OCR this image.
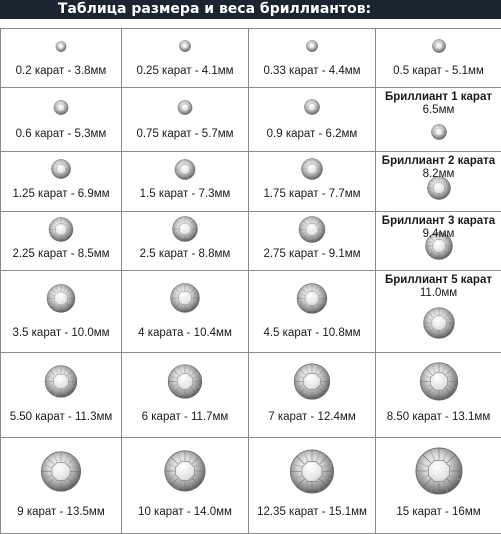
Таблица размера и веса бриллиантов:
0.2 карат - 3.8мм	0.25 карат - 4.1мм	0.33 карат - 4.4мм	0.5 карат - 5.1мм

0.6 карат - 5.3мм	0.75 карат - 5.7мм	0.9 карат - 6.2мм	Бриллиант 1 карат
6.5мм

1.25 карат - 6.9мм	1.5 карат - 7.3мм	1.75 карат - 7.7мм	Бриллиант 2 карата
8.2мм

2.25 карат - 8.5мм	2.5 карат - 8.8мм	2.75 карат - 9.1мм	Бриллиант 3 карата
9.4мм

3.5 карат - 10.0мм	4 карата - 10.4мм	4.5 карат - 10.8мм	Бриллиант 5 карат
11.0мм

5.50 карат - 11.3мм	6 карат - 11.7мм	7 карат - 12.4мм	8.50 карат - 13.1мм

9 карат - 13.5мм	10 карат - 14.0мм	12.35 карат - 15.1мм	15 карат - 16мм
